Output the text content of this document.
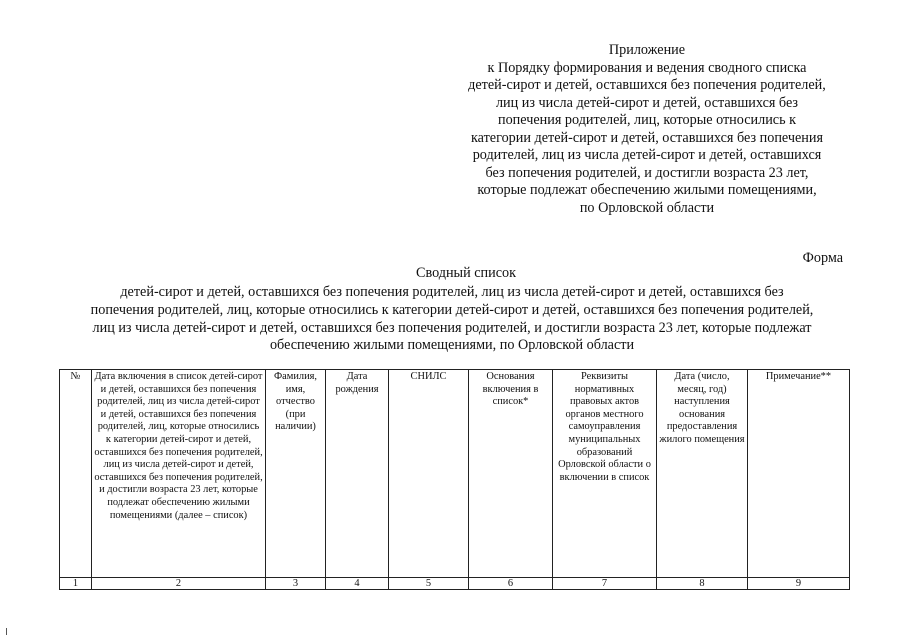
Приложение
к Порядку формирования и ведения сводного списка
детей-сирот и детей, оставшихся без попечения родителей,
лиц из числа детей-сирот и детей, оставшихся без
попечения родителей, лиц, которые относились к
категории детей-сирот и детей, оставшихся без попечения
родителей, лиц из числа детей-сирот и детей, оставшихся
без попечения родителей, и достигли возраста 23 лет,
которые подлежат обеспечению жилыми помещениями,
по Орловской области
Форма
Сводный список
детей-сирот и детей, оставшихся без попечения родителей, лиц из числа детей-сирот и детей, оставшихся без
попечения родителей, лиц, которые относились к категории детей-сирот и детей, оставшихся без попечения родителей,
лиц из числа детей-сирот и детей, оставшихся без попечения родителей, и достигли возраста 23 лет, которые подлежат
обеспечению жилыми помещениями, по Орловской области
№	Дата включения в список детей-сирот и детей, оставшихся без попечения родителей, лиц из числа детей-сирот и детей, оставшихся без попечения родителей, лиц, которые относились к категории детей-сирот и детей, оставшихся без попечения родителей, лиц из числа детей-сирот и детей, оставшихся без попечения родителей, и достигли возраста 23 лет, которые подлежат обеспечению жилыми помещениями (далее – список)	Фамилия, имя, отчество (при наличии)	Дата рождения	СНИЛС	Основания включения в список*	Реквизиты нормативных правовых актов органов местного самоуправления муниципальных образований Орловской области о включении в список	Дата (число, месяц, год) наступления основания предоставления жилого помещения	Примечание**
1	2	3	4	5	6	7	8	9
